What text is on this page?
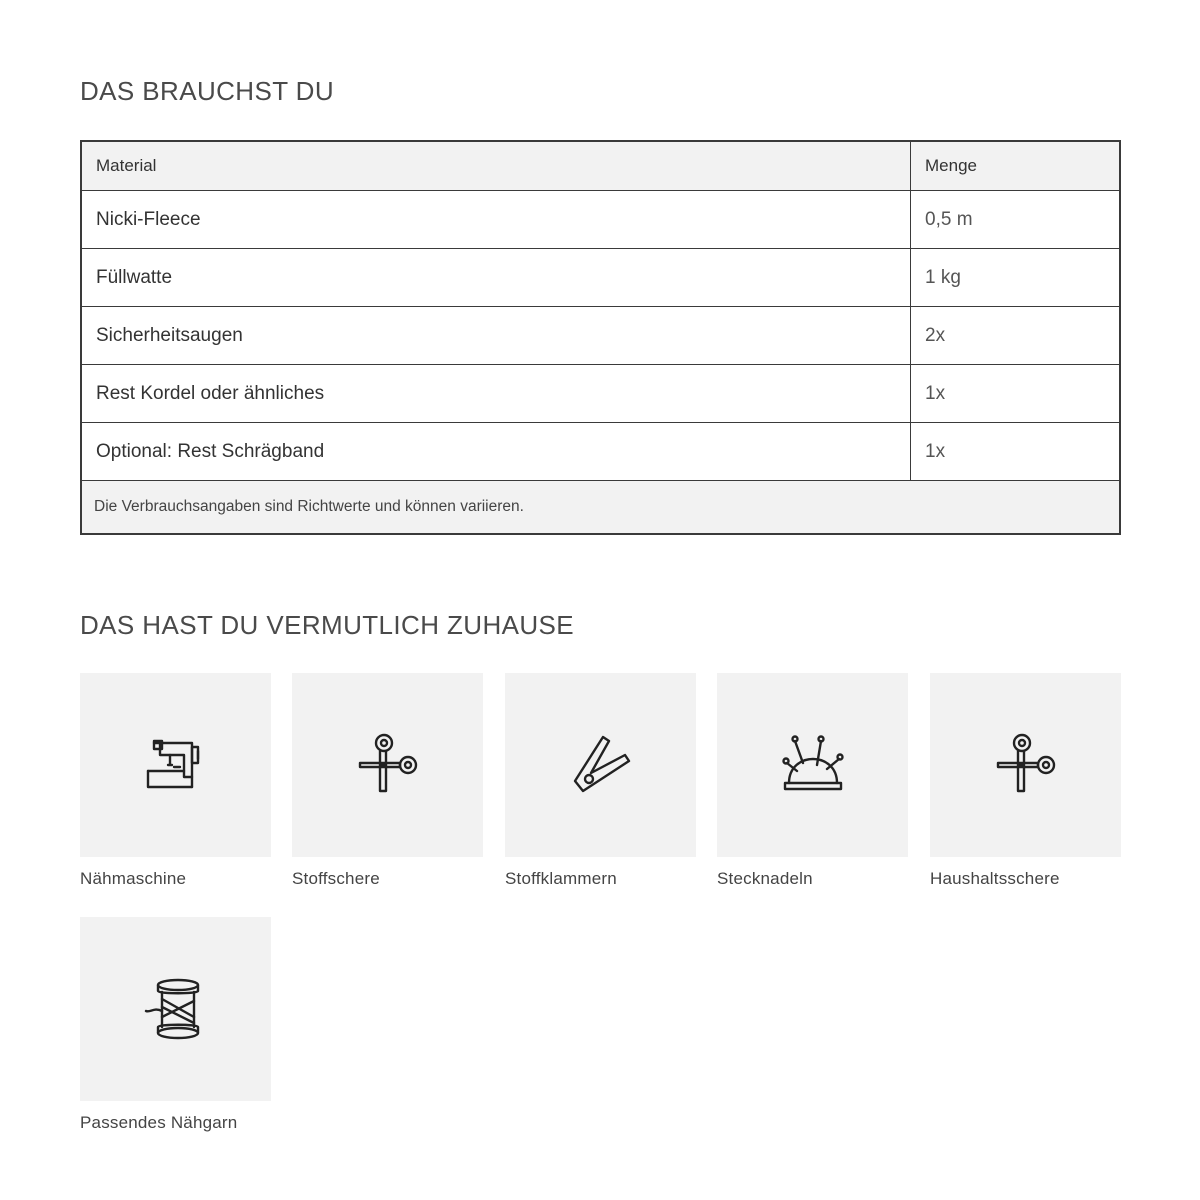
DAS BRAUCHST DU
Material	Menge
Nicki-Fleece	0,5 m
Füllwatte	1 kg
Sicherheitsaugen	2x
Rest Kordel oder ähnliches	1x
Optional: Rest Schrägband	1x
Die Verbrauchsangaben sind Richtwerte und können variieren.	
DAS HAST DU VERMUTLICH ZUHAUSE
Nähmaschine	Stoffschere	Stoffklammern	Stecknadeln	Haushaltsschere
Passendes Nähgarn
